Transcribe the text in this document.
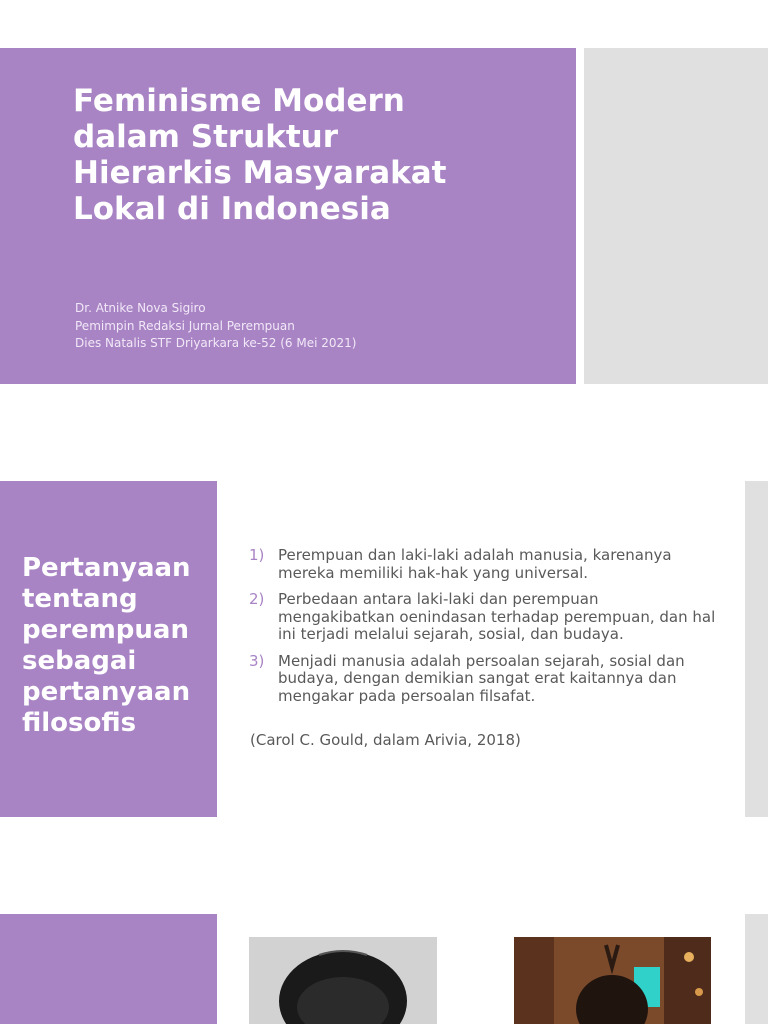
Feminisme Modern
dalam Struktur
Hierarkis Masyarakat
Lokal di Indonesia
Dr. Atnike Nova Sigiro
Pemimpin Redaksi Jurnal Perempuan
Dies Natalis STF Driyarkara ke-52 (6 Mei 2021)
Pertanyaan
tentang
perempuan
sebagai
pertanyaan
filosofis
1) Perempuan dan laki-laki adalah manusia, karenanya mereka memiliki hak-hak yang universal.
2) Perbedaan antara laki-laki dan perempuan mengakibatkan oenindasan terhadap perempuan, dan hal ini terjadi melalui sejarah, sosial, dan budaya.
3) Menjadi manusia adalah persoalan sejarah, sosial dan budaya, dengan demikian sangat erat kaitannya dan mengakar pada persoalan filsafat.
(Carol C. Gould, dalam Arivia, 2018)
